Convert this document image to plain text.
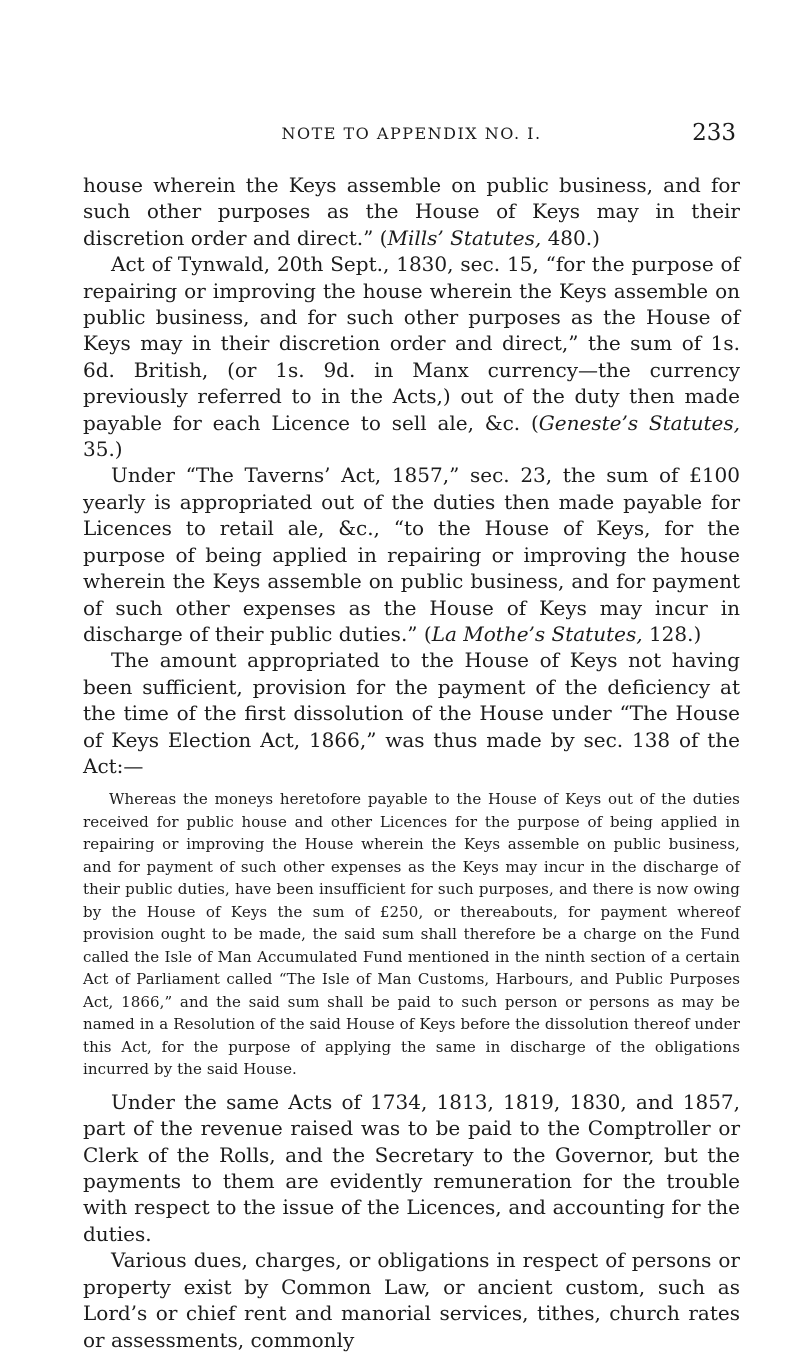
NOTE TO APPENDIX NO. I.	233

house wherein the Keys assemble on public business, and for such other purposes as the House of Keys may in their discretion order and direct.” (Mills’ Statutes, 480.)

Act of Tynwald, 20th Sept., 1830, sec. 15, “for the purpose of repairing or improving the house wherein the Keys assemble on public business, and for such other purposes as the House of Keys may in their discretion order and direct,” the sum of 1s. 6d. British, (or 1s. 9d. in Manx currency—the currency previously referred to in the Acts,) out of the duty then made payable for each Licence to sell ale, &c. (Geneste’s Statutes, 35.)

Under “The Taverns’ Act, 1857,” sec. 23, the sum of £100 yearly is appropriated out of the duties then made payable for Licences to retail ale, &c., “to the House of Keys, for the purpose of being applied in repairing or improving the house wherein the Keys assemble on public business, and for payment of such other expenses as the House of Keys may incur in discharge of their public duties.” (La Mothe’s Statutes, 128.)

The amount appropriated to the House of Keys not having been sufficient, provision for the payment of the deficiency at the time of the first dissolution of the House under “The House of Keys Election Act, 1866,” was thus made by sec. 138 of the Act:—

Whereas the moneys heretofore payable to the House of Keys out of the duties received for public house and other Licences for the purpose of being applied in repairing or improving the House wherein the Keys assemble on public business, and for payment of such other expenses as the Keys may incur in the discharge of their public duties, have been insufficient for such purposes, and there is now owing by the House of Keys the sum of £250, or thereabouts, for payment whereof provision ought to be made, the said sum shall therefore be a charge on the Fund called the Isle of Man Accumulated Fund mentioned in the ninth section of a certain Act of Parliament called “The Isle of Man Customs, Harbours, and Public Purposes Act, 1866,” and the said sum shall be paid to such person or persons as may be named in a Resolution of the said House of Keys before the dissolution thereof under this Act, for the purpose of applying the same in discharge of the obligations incurred by the said House.

Under the same Acts of 1734, 1813, 1819, 1830, and 1857, part of the revenue raised was to be paid to the Comptroller or Clerk of the Rolls, and the Secretary to the Governor, but the payments to them are evidently remuneration for the trouble with respect to the issue of the Licences, and accounting for the duties.

Various dues, charges, or obligations in respect of persons or property exist by Common Law, or ancient custom, such as Lord’s or chief rent and manorial services, tithes, church rates or assessments, commonly
